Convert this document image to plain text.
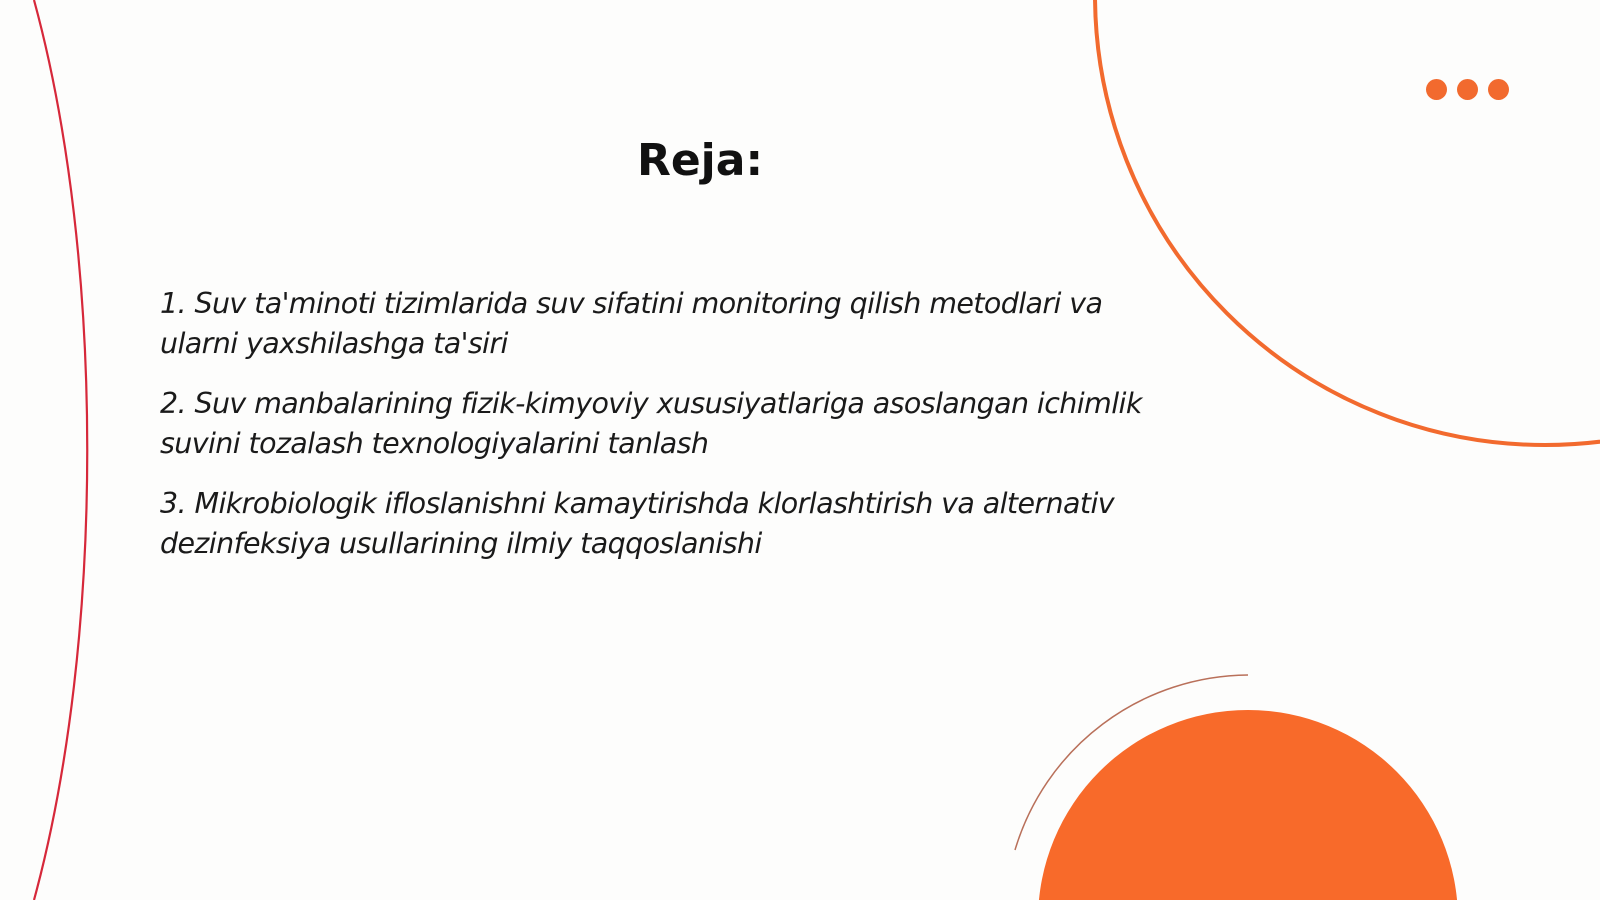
Reja:
1. Suv ta'minoti tizimlarida suv sifatini monitoring qilish metodlari va ularni yaxshilashga ta'siri
2. Suv manbalarining fizik-kimyoviy xususiyatlariga asoslangan ichimlik suvini tozalash texnologiyalarini tanlash
3. Mikrobiologik ifloslanishni kamaytirishda klorlashtirish va alternativ dezinfeksiya usullarining ilmiy taqqoslanishi
